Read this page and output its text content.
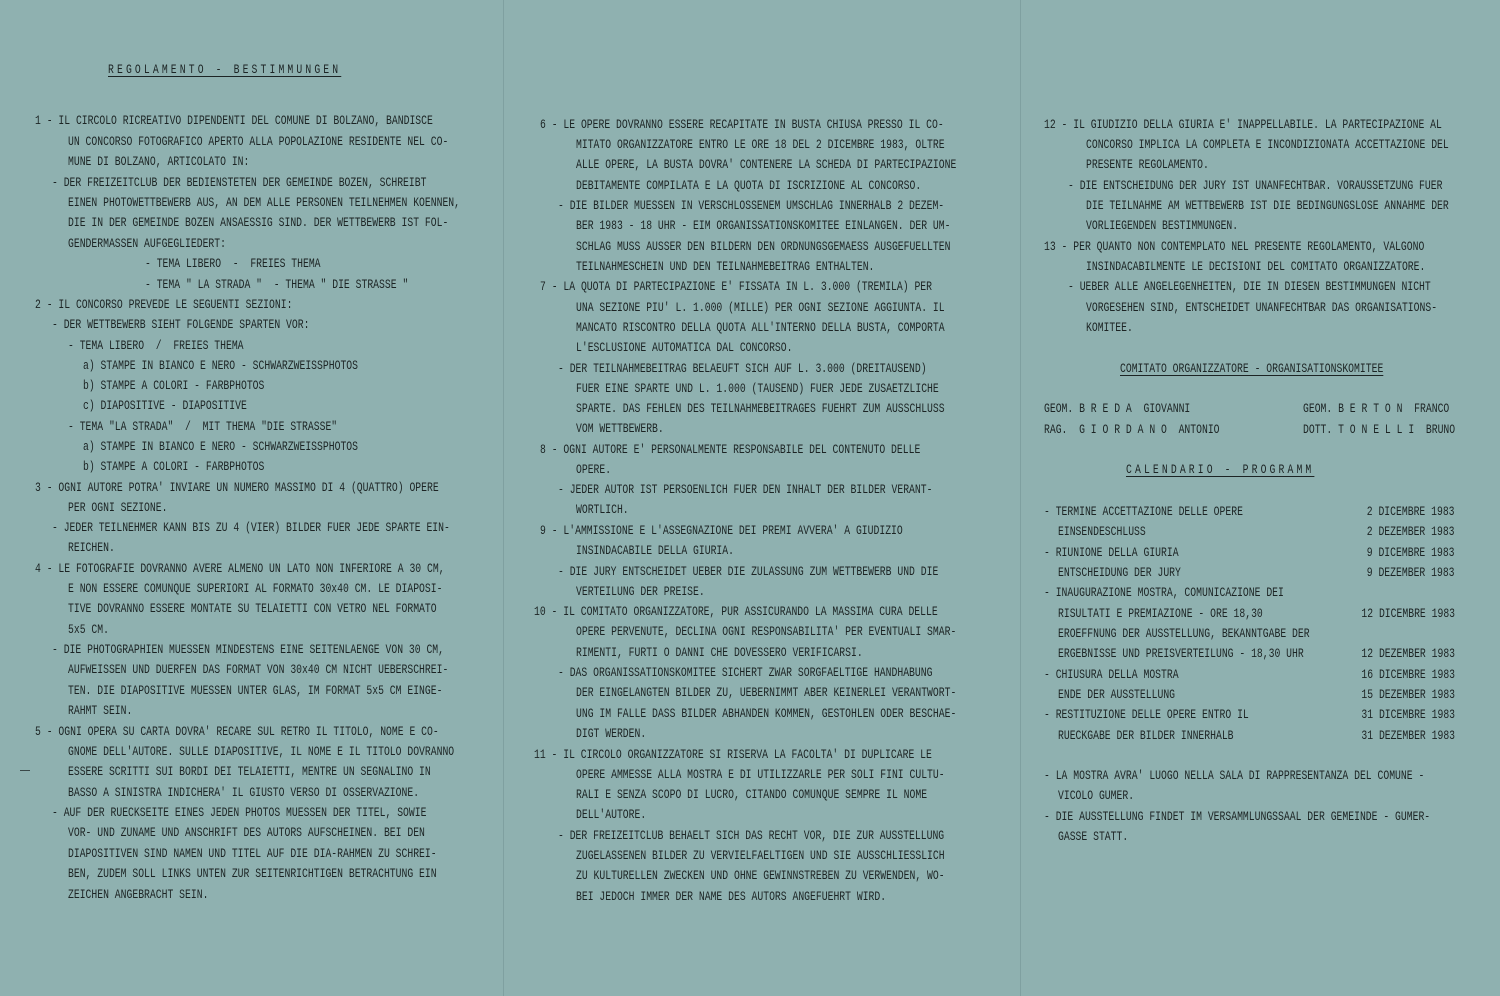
REGOLAMENTO - BESTIMMUNGEN
1 - IL CIRCOLO RICREATIVO DIPENDENTI DEL COMUNE DI BOLZANO, BANDISCE
UN CONCORSO FOTOGRAFICO APERTO ALLA POPOLAZIONE RESIDENTE NEL CO-
MUNE DI BOLZANO, ARTICOLATO IN:
- DER FREIZEITCLUB DER BEDIENSTETEN DER GEMEINDE BOZEN, SCHREIBT
EINEN PHOTOWETTBEWERB AUS, AN DEM ALLE PERSONEN TEILNEHMEN KOENNEN,
DIE IN DER GEMEINDE BOZEN ANSAESSIG SIND. DER WETTBEWERB IST FOL-
GENDERMASSEN AUFGEGLIEDERT:
- TEMA LIBERO  -  FREIES THEMA
- TEMA " LA STRADA "  - THEMA " DIE STRASSE "
2 - IL CONCORSO PREVEDE LE SEGUENTI SEZIONI:
- DER WETTBEWERB SIEHT FOLGENDE SPARTEN VOR:
- TEMA LIBERO  /  FREIES THEMA
a) STAMPE IN BIANCO E NERO - SCHWARZWEISSPHOTOS
b) STAMPE A COLORI - FARBPHOTOS
c) DIAPOSITIVE - DIAPOSITIVE
- TEMA "LA STRADA"  /  MIT THEMA "DIE STRASSE"
a) STAMPE IN BIANCO E NERO - SCHWARZWEISSPHOTOS
b) STAMPE A COLORI - FARBPHOTOS
3 - OGNI AUTORE POTRA' INVIARE UN NUMERO MASSIMO DI 4 (QUATTRO) OPERE
PER OGNI SEZIONE.
- JEDER TEILNEHMER KANN BIS ZU 4 (VIER) BILDER FUER JEDE SPARTE EIN-
REICHEN.
4 - LE FOTOGRAFIE DOVRANNO AVERE ALMENO UN LATO NON INFERIORE A 30 CM,
E NON ESSERE COMUNQUE SUPERIORI AL FORMATO 30x40 CM. LE DIAPOSI-
TIVE DOVRANNO ESSERE MONTATE SU TELAIETTI CON VETRO NEL FORMATO
5x5 CM.
- DIE PHOTOGRAPHIEN MUESSEN MINDESTENS EINE SEITENLAENGE VON 30 CM,
AUFWEISSEN UND DUERFEN DAS FORMAT VON 30x40 CM NICHT UEBERSCHREI-
TEN. DIE DIAPOSITIVE MUESSEN UNTER GLAS, IM FORMAT 5x5 CM EINGE-
RAHMT SEIN.
5 - OGNI OPERA SU CARTA DOVRA' RECARE SUL RETRO IL TITOLO, NOME E CO-
GNOME DELL'AUTORE. SULLE DIAPOSITIVE, IL NOME E IL TITOLO DOVRANNO
ESSERE SCRITTI SUI BORDI DEI TELAIETTI, MENTRE UN SEGNALINO IN
BASSO A SINISTRA INDICHERA' IL GIUSTO VERSO DI OSSERVAZIONE.
- AUF DER RUECKSEITE EINES JEDEN PHOTOS MUESSEN DER TITEL, SOWIE
VOR- UND ZUNAME UND ANSCHRIFT DES AUTORS AUFSCHEINEN. BEI DEN
DIAPOSITIVEN SIND NAMEN UND TITEL AUF DIE DIA-RAHMEN ZU SCHREI-
BEN, ZUDEM SOLL LINKS UNTEN ZUR SEITENRICHTIGEN BETRACHTUNG EIN
ZEICHEN ANGEBRACHT SEIN.
6 - LE OPERE DOVRANNO ESSERE RECAPITATE IN BUSTA CHIUSA PRESSO IL CO-
MITATO ORGANIZZATORE ENTRO LE ORE 18 DEL 2 DICEMBRE 1983, OLTRE
ALLE OPERE, LA BUSTA DOVRA' CONTENERE LA SCHEDA DI PARTECIPAZIONE
DEBITAMENTE COMPILATA E LA QUOTA DI ISCRIZIONE AL CONCORSO.
- DIE BILDER MUESSEN IN VERSCHLOSSENEM UMSCHLAG INNERHALB 2 DEZEM-
BER 1983 - 18 UHR - EIM ORGANISSATIONSKOMITEE EINLANGEN. DER UM-
SCHLAG MUSS AUSSER DEN BILDERN DEN ORDNUNGSGEMAESS AUSGEFUELLTEN
TEILNAHMESCHEIN UND DEN TEILNAHMEBEITRAG ENTHALTEN.
7 - LA QUOTA DI PARTECIPAZIONE E' FISSATA IN L. 3.000 (TREMILA) PER
UNA SEZIONE PIU' L. 1.000 (MILLE) PER OGNI SEZIONE AGGIUNTA. IL
MANCATO RISCONTRO DELLA QUOTA ALL'INTERNO DELLA BUSTA, COMPORTA
L'ESCLUSIONE AUTOMATICA DAL CONCORSO.
- DER TEILNAHMEBEITRAG BELAEUFT SICH AUF L. 3.000 (DREITAUSEND)
FUER EINE SPARTE UND L. 1.000 (TAUSEND) FUER JEDE ZUSAETZLICHE
SPARTE. DAS FEHLEN DES TEILNAHMEBEITRAGES FUEHRT ZUM AUSSCHLUSS
VOM WETTBEWERB.
8 - OGNI AUTORE E' PERSONALMENTE RESPONSABILE DEL CONTENUTO DELLE
OPERE.
- JEDER AUTOR IST PERSOENLICH FUER DEN INHALT DER BILDER VERANT-
WORTLICH.
9 - L'AMMISSIONE E L'ASSEGNAZIONE DEI PREMI AVVERA' A GIUDIZIO
INSINDACABILE DELLA GIURIA.
- DIE JURY ENTSCHEIDET UEBER DIE ZULASSUNG ZUM WETTBEWERB UND DIE
VERTEILUNG DER PREISE.
10 - IL COMITATO ORGANIZZATORE, PUR ASSICURANDO LA MASSIMA CURA DELLE
OPERE PERVENUTE, DECLINA OGNI RESPONSABILITA' PER EVENTUALI SMAR-
RIMENTI, FURTI O DANNI CHE DOVESSERO VERIFICARSI.
- DAS ORGANISSATIONSKOMITEE SICHERT ZWAR SORGFAELTIGE HANDHABUNG
DER EINGELANGTEN BILDER ZU, UEBERNIMMT ABER KEINERLEI VERANTWORT-
UNG IM FALLE DASS BILDER ABHANDEN KOMMEN, GESTOHLEN ODER BESCHAE-
DIGT WERDEN.
11 - IL CIRCOLO ORGANIZZATORE SI RISERVA LA FACOLTA' DI DUPLICARE LE
OPERE AMMESSE ALLA MOSTRA E DI UTILIZZARLE PER SOLI FINI CULTU-
RALI E SENZA SCOPO DI LUCRO, CITANDO COMUNQUE SEMPRE IL NOME
DELL'AUTORE.
- DER FREIZEITCLUB BEHAELT SICH DAS RECHT VOR, DIE ZUR AUSSTELLUNG
ZUGELASSENEN BILDER ZU VERVIELFAELTIGEN UND SIE AUSSCHLIESSLICH
ZU KULTURELLEN ZWECKEN UND OHNE GEWINNSTREBEN ZU VERWENDEN, WO-
BEI JEDOCH IMMER DER NAME DES AUTORS ANGEFUEHRT WIRD.
12 - IL GIUDIZIO DELLA GIURIA E' INAPPELLABILE. LA PARTECIPAZIONE AL
CONCORSO IMPLICA LA COMPLETA E INCONDIZIONATA ACCETTAZIONE DEL
PRESENTE REGOLAMENTO.
- DIE ENTSCHEIDUNG DER JURY IST UNANFECHTBAR. VORAUSSETZUNG FUER
DIE TEILNAHME AM WETTBEWERB IST DIE BEDINGUNGSLOSE ANNAHME DER
VORLIEGENDEN BESTIMMUNGEN.
13 - PER QUANTO NON CONTEMPLATO NEL PRESENTE REGOLAMENTO, VALGONO
INSINDACABILMENTE LE DECISIONI DEL COMITATO ORGANIZZATORE.
- UEBER ALLE ANGELEGENHEITEN, DIE IN DIESEN BESTIMMUNGEN NICHT
VORGESEHEN SIND, ENTSCHEIDET UNANFECHTBAR DAS ORGANISATIONS-
KOMITEE.
COMITATO ORGANIZZATORE - ORGANISATIONSKOMITEE
GEOM. B R E D A  GIOVANNI	GEOM. B E R T O N  FRANCO
RAG.  G I O R D A N O  ANTONIO	DOTT. T O N E L L I  BRUNO
CALENDARIO - PROGRAMM
- TERMINE ACCETTAZIONE DELLE OPERE
EINSENDESCHLUSS
- RIUNIONE DELLA GIURIA
ENTSCHEIDUNG DER JURY
- INAUGURAZIONE MOSTRA, COMUNICAZIONE DEI
RISULTATI E PREMIAZIONE - ORE 18,30
EROEFFNUNG DER AUSSTELLUNG, BEKANNTGABE DER
ERGEBNISSE UND PREISVERTEILUNG - 18,30 UHR
- CHIUSURA DELLA MOSTRA
ENDE DER AUSSTELLUNG
- RESTITUZIONE DELLE OPERE ENTRO IL
RUECKGABE DER BILDER INNERHALB
- LA MOSTRA AVRA' LUOGO NELLA SALA DI RAPPRESENTANZA DEL COMUNE -
VICOLO GUMER.
- DIE AUSSTELLUNG FINDET IM VERSAMMLUNGSSAAL DER GEMEINDE - GUMER-
GASSE STATT.
2 DICEMBRE 1983
2 DEZEMBER 1983
9 DICEMBRE 1983
9 DEZEMBER 1983
12 DICEMBRE 1983
12 DEZEMBER 1983
16 DICEMBRE 1983
15 DEZEMBER 1983
31 DICEMBRE 1983
31 DEZEMBER 1983
